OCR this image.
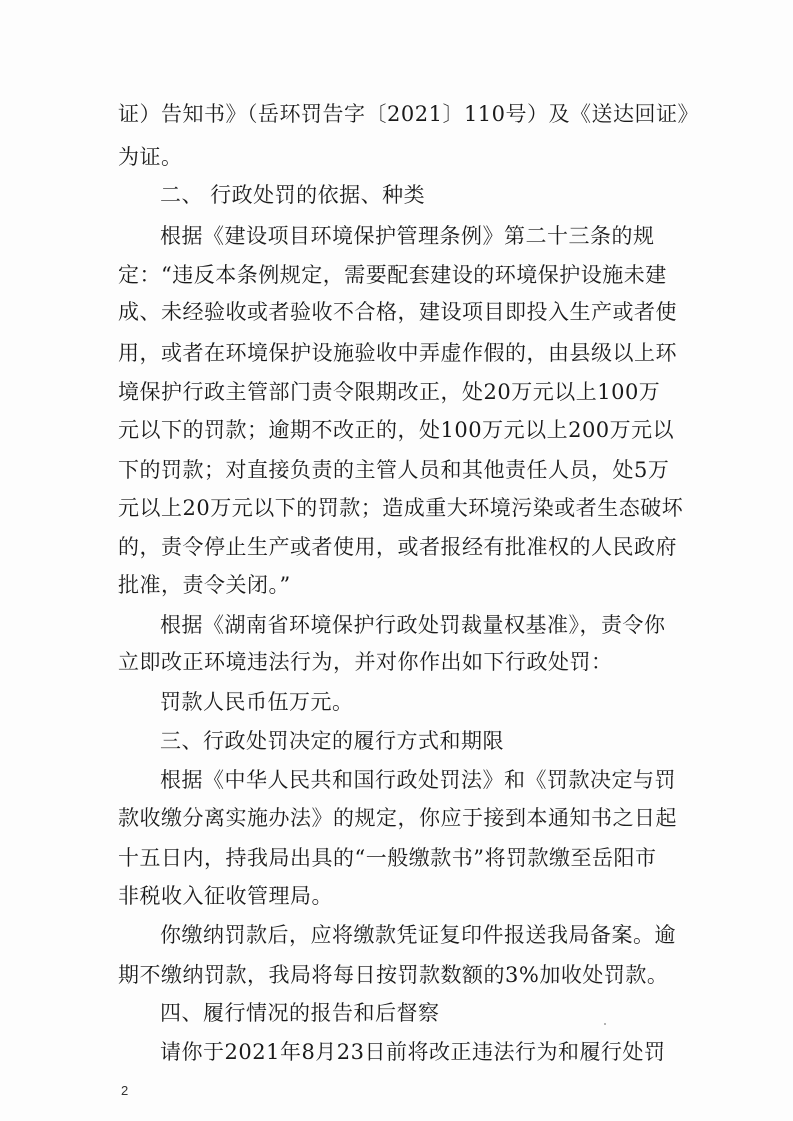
证）告知书》（岳环罚告字〔2021〕110号）及《送达回证》
为证。
二、 行政处罚的依据、种类
根据《建设项目环境保护管理条例》第二十三条的规
定：“违反本条例规定，需要配套建设的环境保护设施未建
成、未经验收或者验收不合格，建设项目即投入生产或者使
用，或者在环境保护设施验收中弄虚作假的，由县级以上环
境保护行政主管部门责令限期改正，处20万元以上100万
元以下的罚款；逾期不改正的，处100万元以上200万元以
下的罚款；对直接负责的主管人员和其他责任人员，处5万
元以上20万元以下的罚款；造成重大环境污染或者生态破坏
的，责令停止生产或者使用，或者报经有批准权的人民政府
批准，责令关闭。”
根据《湖南省环境保护行政处罚裁量权基准》，责令你
立即改正环境违法行为，并对你作出如下行政处罚：
罚款人民币伍万元。
三、行政处罚决定的履行方式和期限
根据《中华人民共和国行政处罚法》和《罚款决定与罚
款收缴分离实施办法》的规定，你应于接到本通知书之日起
十五日内，持我局出具的“一般缴款书”将罚款缴至岳阳市
非税收入征收管理局。
你缴纳罚款后，应将缴款凭证复印件报送我局备案。逾
期不缴纳罚款，我局将每日按罚款数额的3%加收处罚款。
四、履行情况的报告和后督察
请你于2021年8月23日前将改正违法行为和履行处罚
2
